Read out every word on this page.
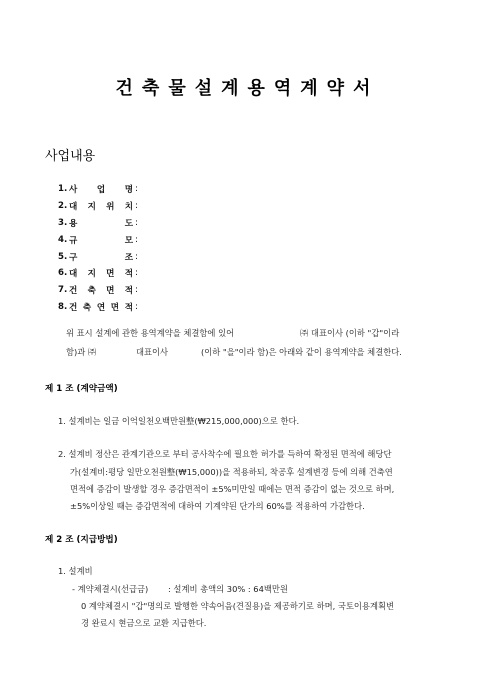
건축물설계용역계약서
사업내용
1. 사 업 명 :
2. 대 지 위 치 :
3. 용	도 :
4. 규	모 :
5. 구	조 :
6. 대 지 면 적 :
7. 건 축 면 적 :
8. 건 축 연 면 적 :
위 표시 설계에 관한 용역계약을 체결함에 있어	㈜ 대표이사 (이하 "갑"이라
함)과 ㈜	대표이사	(이하 "을"이라 함)은 아래와 같이 용역계약을 체결한다.
제 1 조 (계약금액)
1. 설계비는 일금 이억일천오백만원整(₩215,000,000)으로 한다.
2. 설계비 정산은 관계기관으로 부터 공사착수에 필요한 허가를 득하여 확정된 면적에 해당단
가(설계비:평당 일만오천원整(₩15,000))을 적용하되, 착공후 설계변경 등에 의해 건축연
면적에 증감이 발생할 경우 증감면적이 ±5%미만일 때에는 면적 증감이 없는 것으로 하며,
±5%이상일 때는 증감면적에 대하여 기계약된 단가의 60%를 적용하여 가감한다.
제 2 조 (지급방법)
1. 설계비
- 계약체결시(선급금) : 설계비 총액의 30% : 64백만원
0 계약체결시 "갑"명의로 발행한 약속어음(견질용)을 제공하기로 하며, 국토이용계획변
경 완료시 현금으로 교환 지급한다.
